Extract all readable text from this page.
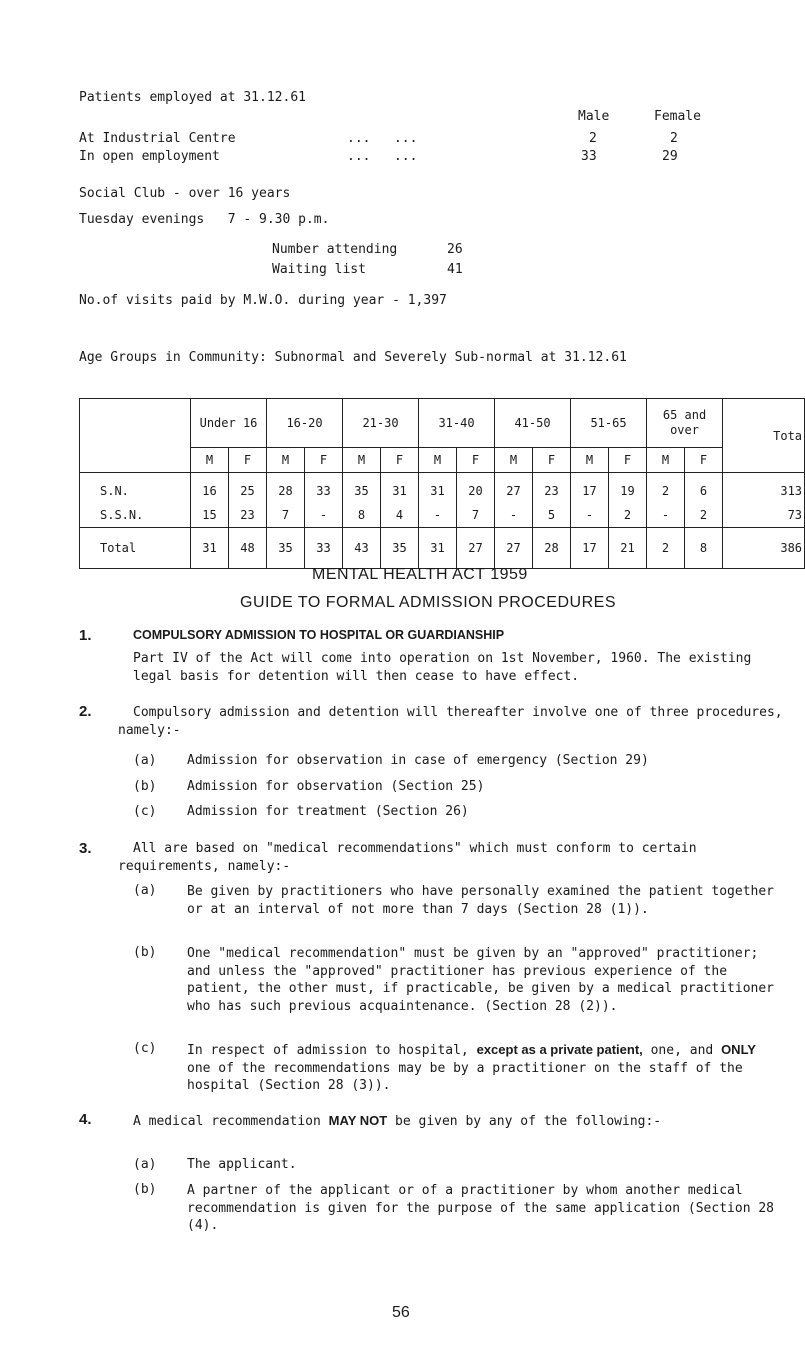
Patients employed at 31.12.61
Male	Female
At Industrial Centre	...   ...	2	2
In open employment	...   ...	33	29
Social Club - over 16 years
Tuesday evenings   7 - 9.30 p.m.
Number attending	26
Waiting list	41
No.of visits paid by M.W.O. during year - 1,397
Age Groups in Community: Subnormal and Severely Sub-normal at 31.12.61
	Under 16		16-20		21-30		31-40		41-50		51-65		65 and over		Tota
	M	F	M	F	M	F	M	F	M	F	M	F	M	F	
S.N.	16	25	28	33	35	31	31	20	27	23	17	19	2	6	313
S.S.N.	15	23	7	-	8	4	-	7	-	5	-	2	-	2	73
Total	31	48	35	33	43	35	31	27	27	28	17	21	2	8	386
MENTAL HEALTH ACT 1959
GUIDE TO FORMAL ADMISSION PROCEDURES
1.	COMPULSORY ADMISSION TO HOSPITAL OR GUARDIANSHIP
Part IV of the Act will come into operation on 1st November, 1960. The existing legal basis for detention will then cease to have effect.
2.	Compulsory admission and detention will thereafter involve one of three procedures, namely:-
(a) Admission for observation in case of emergency (Section 29)
(b) Admission for observation (Section 25)
(c) Admission for treatment (Section 26)
3.	All are based on "medical recommendations" which must conform to certain requirements, namely:-
(a) Be given by practitioners who have personally examined the patient together or at an interval of not more than 7 days (Section 28 (1)).
(b) One "medical recommendation" must be given by an "approved" practitioner; and unless the "approved" practitioner has previous experience of the patient, the other must, if practicable, be given by a medical practitioner who has such previous acquaintenance. (Section 28 (2)).
(c) In respect of admission to hospital, except as a private patient, one, and ONLY one of the recommendations may be by a practitioner on the staff of the hospital (Section 28 (3)).
4.	A medical recommendation MAY NOT be given by any of the following:-
(a) The applicant.
(b) A partner of the applicant or of a practitioner by whom another medical recommendation is given for the purpose of the same application (Section 28 (4).
56
